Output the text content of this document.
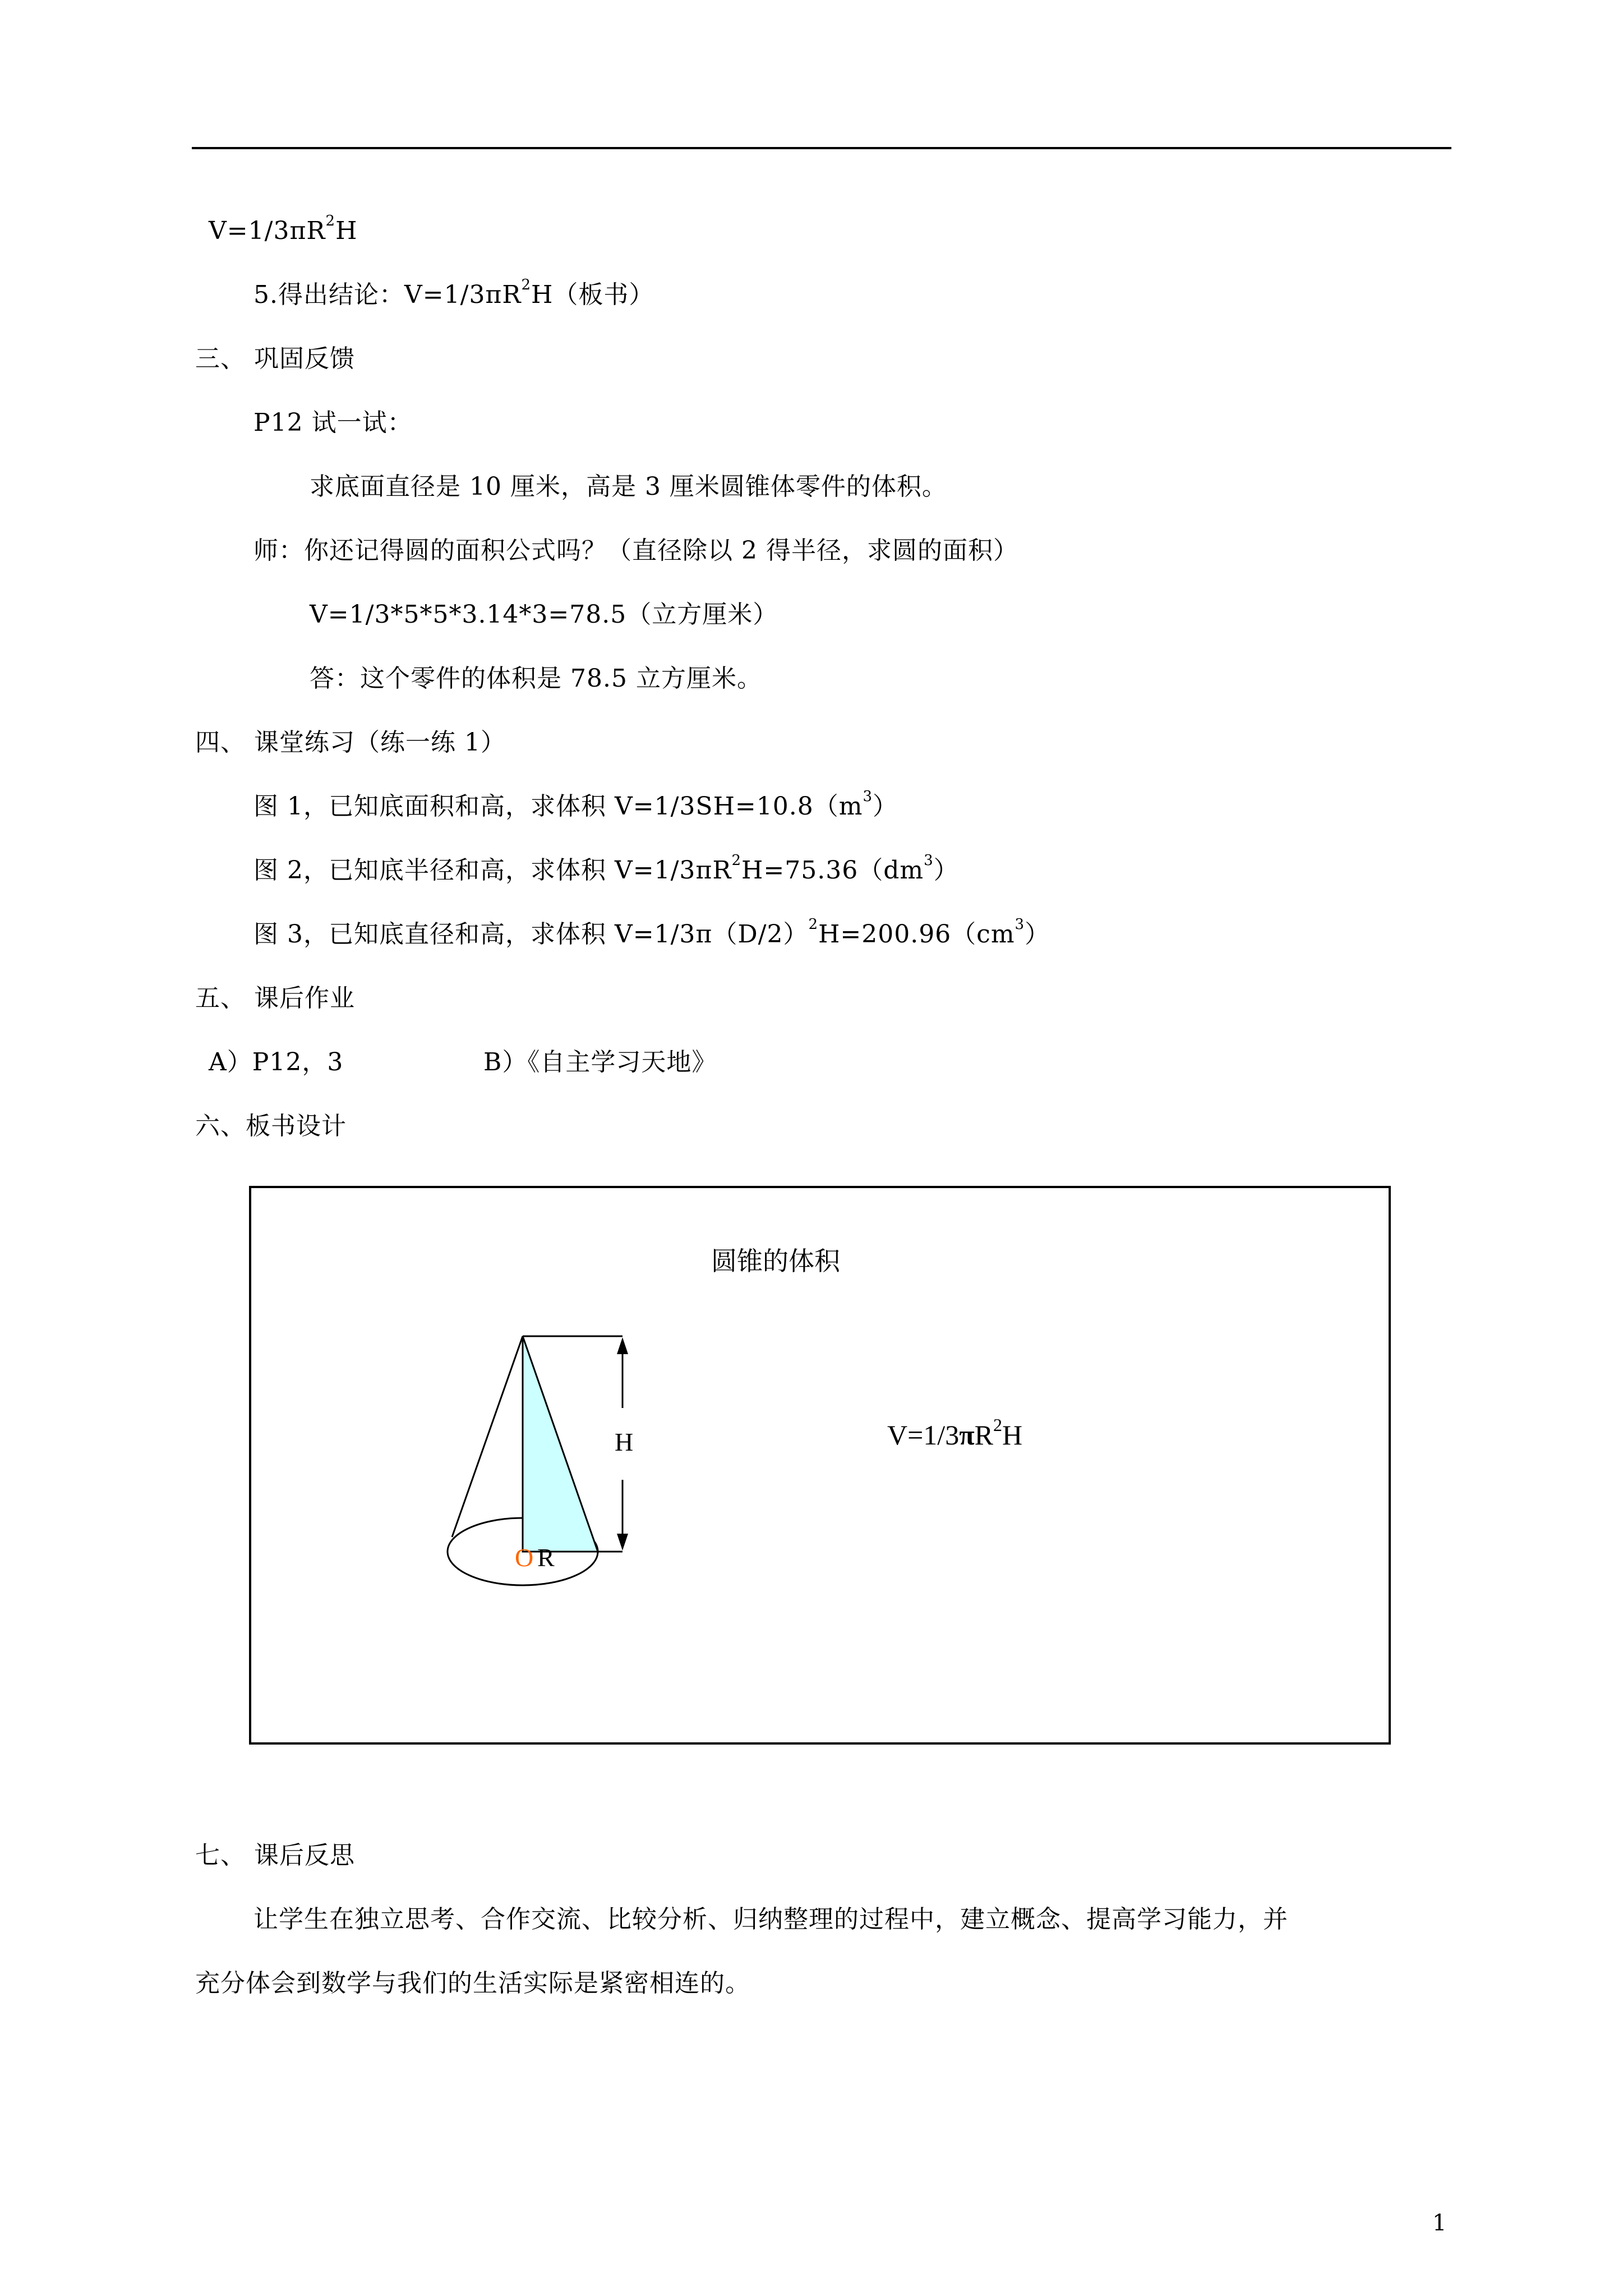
$V=1/3\pi R^2H$
5.得出结论：$V=1/3\pi R^2H$（板书）
三、 巩固反馈
P12 试一试：
求底面直径是 10 厘米，高是 3 厘米圆锥体零件的体积。
师：你还记得圆的面积公式吗？（直径除以 2 得半径，求圆的面积）
V=1/3*5*5*3.14*3=78.5（立方厘米）
答：这个零件的体积是 78.5 立方厘米。
四、 课堂练习（练一练 1）
图 1，已知底面积和高，求体积 $V=1/3SH=10.8(m^3)$
图 2，已知底半径和高，求体积 $V=1/3\pi R^2H=75.36(dm^3)$
图 3，已知底直径和高，求体积 $V=1/3\pi(D/2)^2H=200.96(cm^3)$
五、 课后作业
A）P12，3	B）《自主学习天地》
六、板书设计
圆锥的体积
H
O R
$V=1/3\pi R^2H$
七、 课后反思
让学生在独立思考、合作交流、比较分析、归纳整理的过程中，建立概念、提高学习能力，并
充分体会到数学与我们的生活实际是紧密相连的。
1
